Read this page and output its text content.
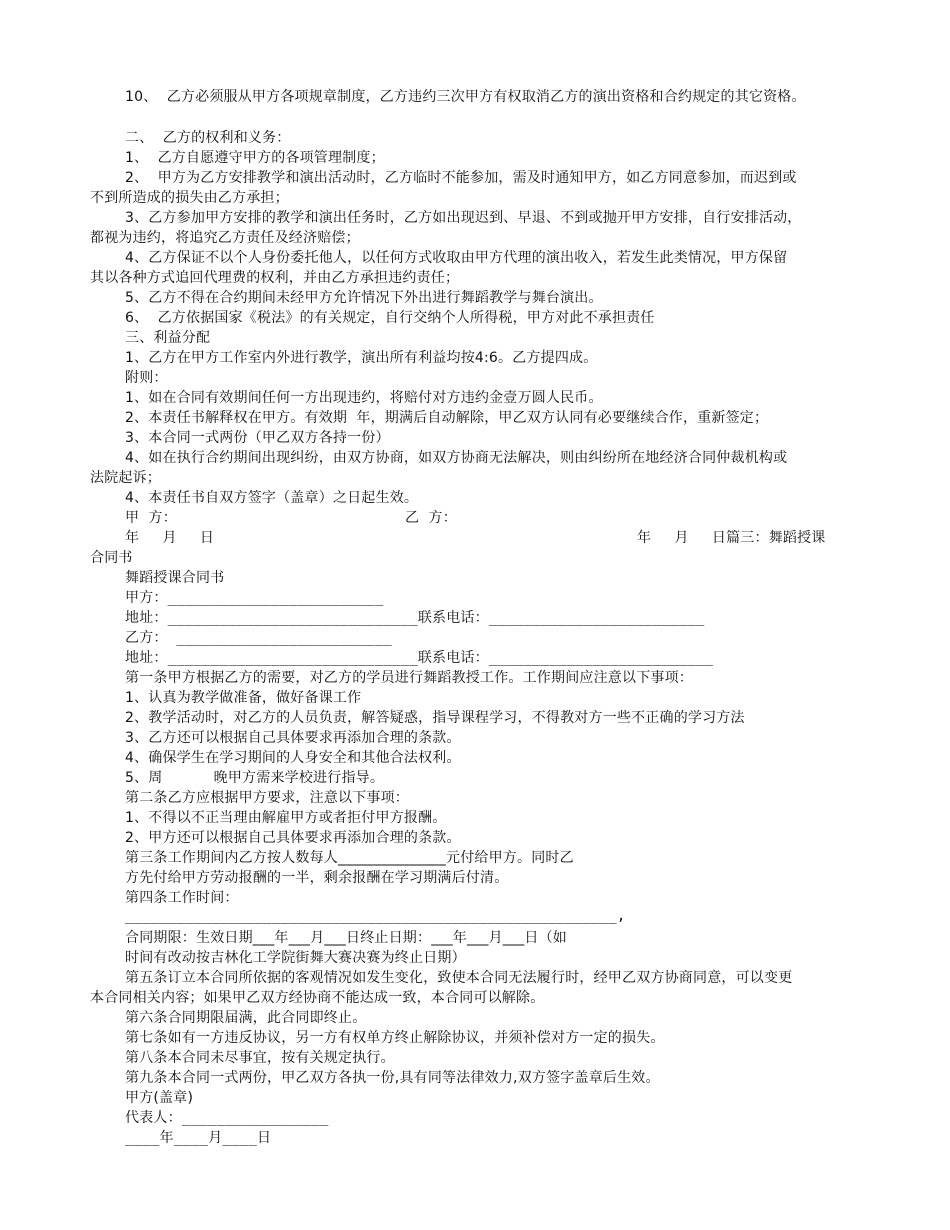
10、  乙方必须服从甲方各项规章制度，乙方违约三次甲方有权取消乙方的演出资格和合约规定的其它资格。
二、  乙方的权利和义务：
1、  乙方自愿遵守甲方的各项管理制度；
2、  甲方为乙方安排教学和演出活动时，乙方临时不能参加，需及时通知甲方，如乙方同意参加，而迟到或
不到所造成的损失由乙方承担；
3、乙方参加甲方安排的教学和演出任务时，乙方如出现迟到、早退、不到或抛开甲方安排，自行安排活动，
都视为违约，将追究乙方责任及经济赔偿；
4、乙方保证不以个人身份委托他人，以任何方式收取由甲方代理的演出收入，若发生此类情况，甲方保留
其以各种方式追回代理费的权利，并由乙方承担违约责任；
5、乙方不得在合约期间未经甲方允许情况下外出进行舞蹈教学与舞台演出。
6、  乙方依据国家《税法》的有关规定，自行交纳个人所得税，甲方对此不承担责任
三、利益分配
1、乙方在甲方工作室内外进行教学，演出所有利益均按4:6。乙方提四成。
附则：
1、如在合同有效期间任何一方出现违约，将赔付对方违约金壹万圆人民币。
2、本责任书解释权在甲方。有效期  年，期满后自动解除，甲乙双方认同有必要继续合作，重新签定；
3、本合同一式两份（甲乙双方各持一份）
4、如在执行合约期间出现纠纷，由双方协商，如双方协商无法解决，则由纠纷所在地经济合同仲裁机构或
法院起诉；
4、本责任书自双方签字（盖章）之日起生效。
甲  方：	乙  方：
年     月     日	年     月     日篇三：舞蹈授课
合同书
舞蹈授课合同书
甲方：_________________________
地址：_____________________________联系电话：_________________________
乙方： _________________________
地址：_____________________________联系电话：__________________________
第一条甲方根据乙方的需要，对乙方的学员进行舞蹈教授工作。工作期间应注意以下事项：
1、认真为教学做准备，做好备课工作
2、教学活动时，对乙方的人员负责，解答疑惑，指导课程学习，不得教对方一些不正确的学习方法
3、乙方还可以根据自己具体要求再添加合理的条款。
4、确保学生在学习期间的人身安全和其他合法权利。
5、周           晚甲方需来学校进行指导。
第二条乙方应根据甲方要求，注意以下事项：
1、不得以不正当理由解雇甲方或者拒付甲方报酬。
2、甲方还可以根据自己具体要求再添加合理的条款。
第三条工作期间内乙方按人数每人_______________元付给甲方。同时乙
方先付给甲方劳动报酬的一半，剩余报酬在学习期满后付清。
第四条工作时间：
_________________________________________________________,
合同期限：生效日期___年___月___日终止日期：___年___月___日（如
时间有改动按吉林化工学院街舞大赛决赛为终止日期）
第五条订立本合同所依据的客观情况如发生变化，致使本合同无法履行时，经甲乙双方协商同意，可以变更
本合同相关内容；如果甲乙双方经协商不能达成一致，本合同可以解除。
第六条合同期限届满，此合同即终止。
第七条如有一方违反协议，另一方有权单方终止解除协议，并须补偿对方一定的损失。
第八条本合同未尽事宜，按有关规定执行。
第九条本合同一式两份，甲乙双方各执一份,具有同等法律效力,双方签字盖章后生效。
甲方(盖章)
代表人：_________________
____年____月____日
